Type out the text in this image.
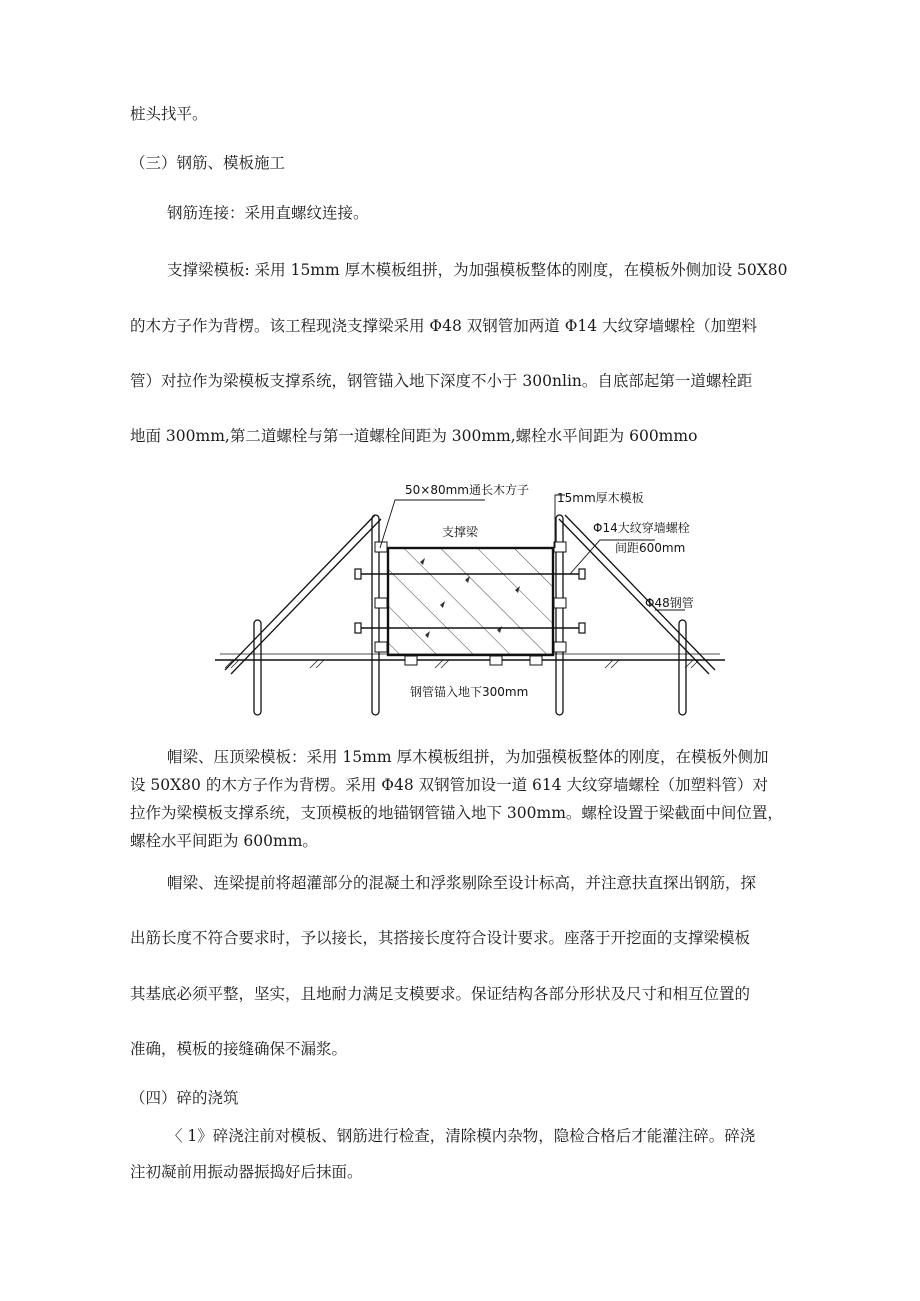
桩头找平。
（三）钢筋、模板施工
钢筋连接：采用直螺纹连接。
支撑梁模板: 采用 15mm 厚木模板组拼，为加强模板整体的刚度，在模板外侧加设 50X80
的木方子作为背楞。该工程现浇支撑梁采用 Φ48 双钢管加两道 Φ14 大纹穿墙螺栓（加塑料
管）对拉作为梁模板支撑系统，钢管锚入地下深度不小于 300nlin。自底部起第一道螺栓距
地面 300mm,第二道螺栓与第一道螺栓间距为 300mm,螺栓水平间距为 600mmo
50×80mm通长木方子
15mm厚木模板
支撑梁	Φ14大纹穿墙螺栓
间距600mm
Φ48钢管
钢管锚入地下300mm
帽梁、压顶梁模板：采用 15mm 厚木模板组拼，为加强模板整体的刚度，在模板外侧加
设 50X80 的木方子作为背楞。采用 Φ48 双钢管加设一道 614 大纹穿墙螺栓（加塑料管）对
拉作为梁模板支撑系统，支顶模板的地锚钢管锚入地下 300mm。螺栓设置于梁截面中间位置，
螺栓水平间距为 600mm。
帽梁、连梁提前将超灌部分的混凝土和浮浆剔除至设计标高，并注意扶直探出钢筋，探
出筋长度不符合要求时，予以接长，其搭接长度符合设计要求。座落于开挖面的支撑梁模板
其基底必须平整，坚实，且地耐力满足支模要求。保证结构各部分形状及尺寸和相互位置的
准确，模板的接缝确保不漏浆。
（四）碎的浇筑
〈 1》碎浇注前对模板、钢筋进行检查，清除模内杂物，隐检合格后才能灌注碎。碎浇
注初凝前用振动器振捣好后抹面。
